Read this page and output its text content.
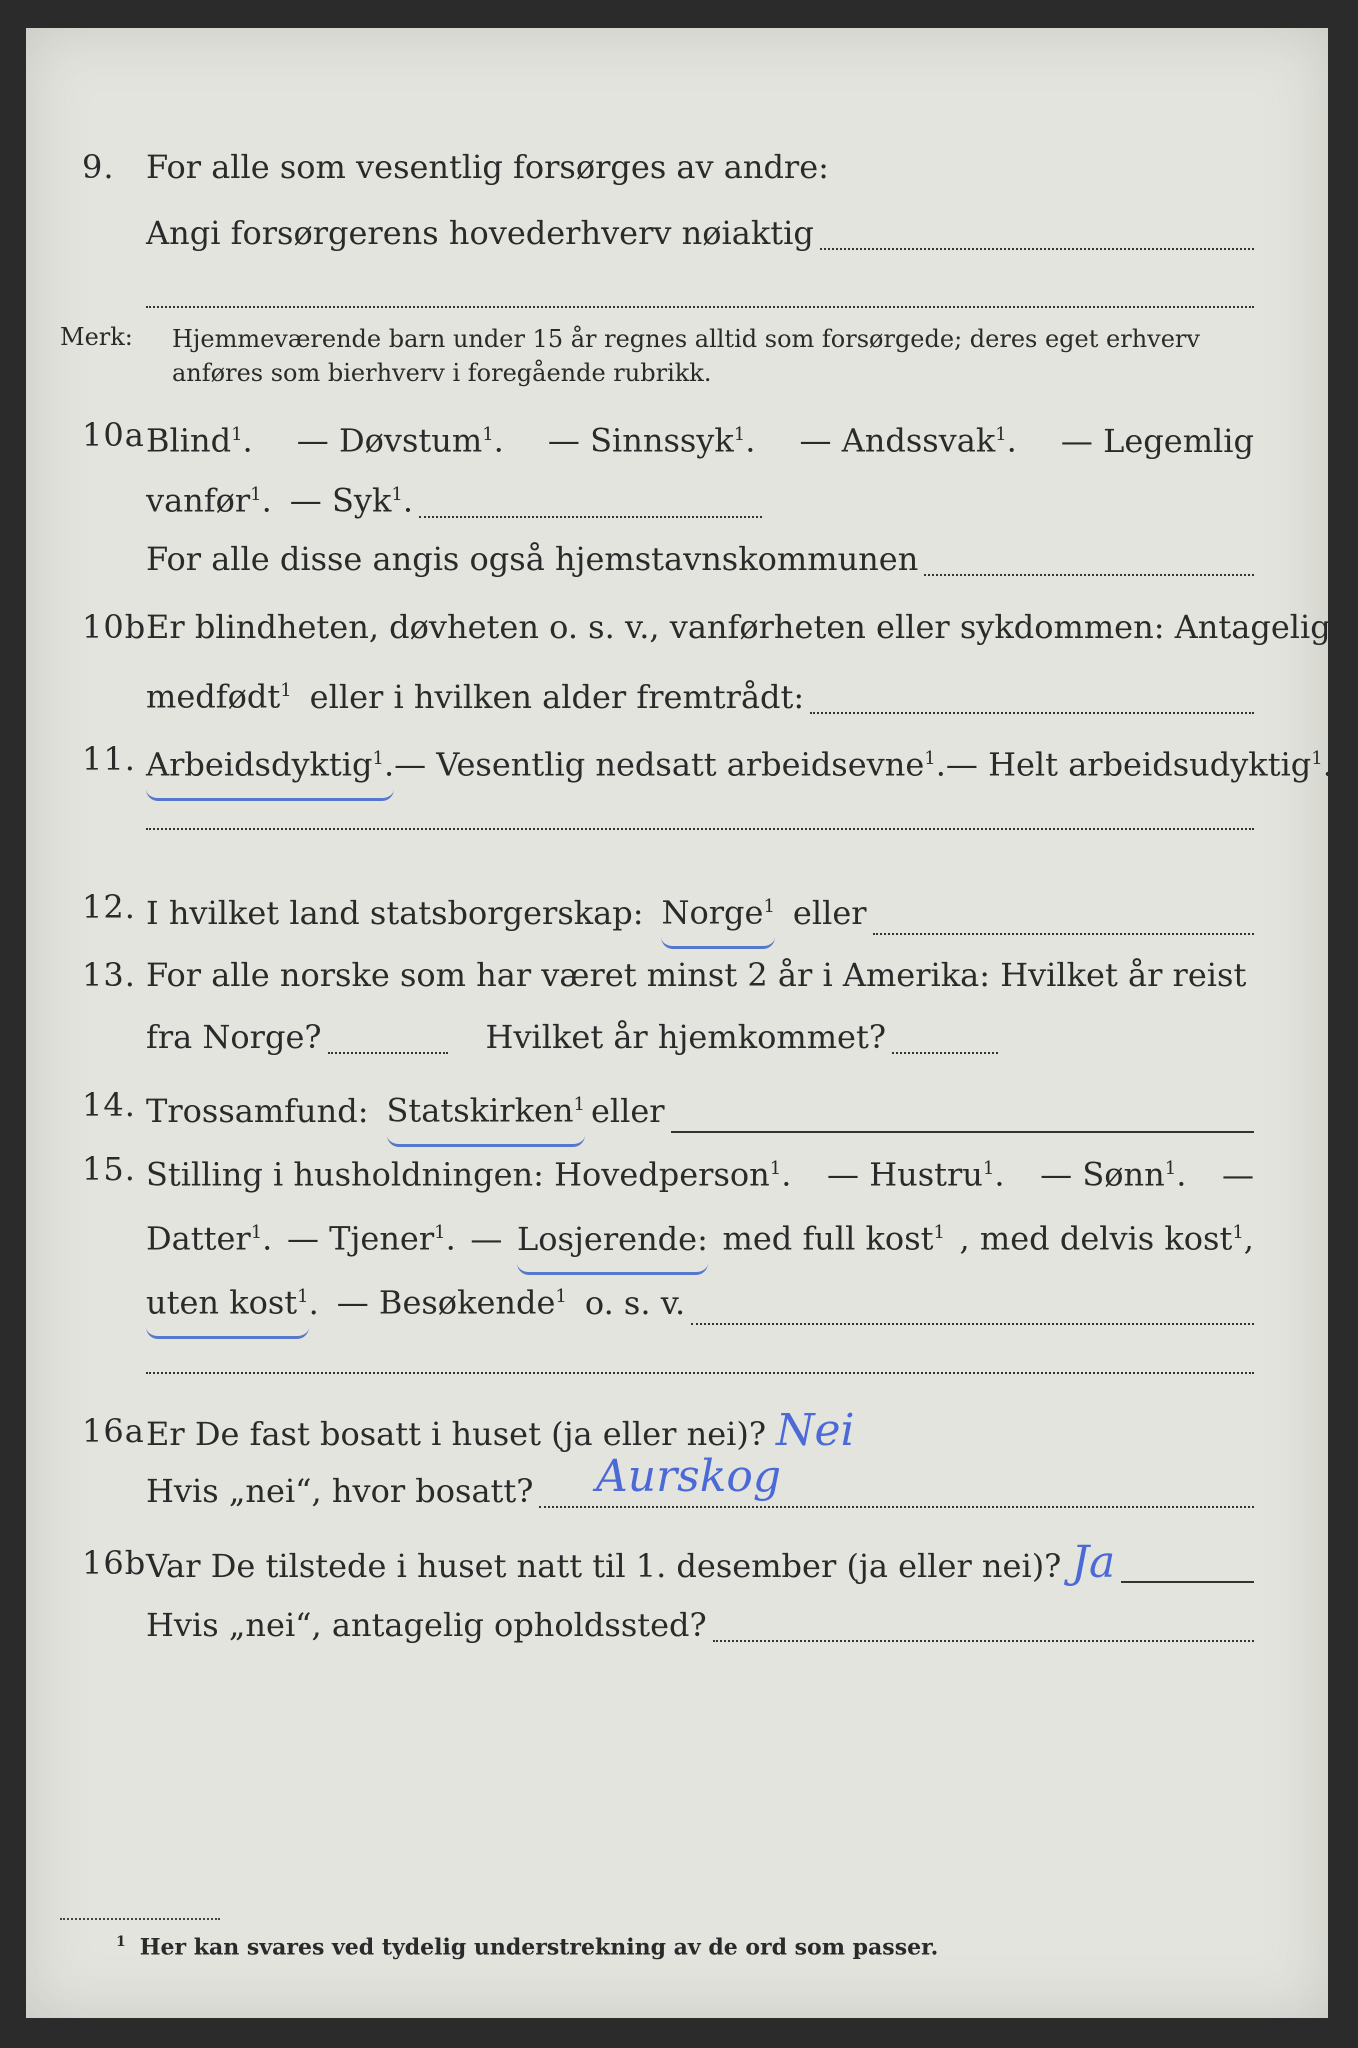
9. For alle som vesentlig forsørges av andre:
Angi forsørgerens hovederhverv nøiaktig
Merk: Hjemmeværende barn under 15 år regnes alltid som forsørgede; deres eget erhverv
anføres som bierhverv i foregående rubrikk.
10a Blind$^1$. — Døvstum$^1$. — Sinnssyk$^1$. — Andssvak$^1$. — Legemlig
vanfør$^1$. — Syk$^1$.
For alle disse angis også hjemstavnskommunen
10b Er blindheten, døvheten o. s. v., vanførheten eller sykdommen: Antagelig
medfødt$^1$ eller i hvilken alder fremtrådt:
11. Arbeidsdyktig$^1$. — Vesentlig nedsatt arbeidsevne$^1$. — Helt arbeidsudyktig$^1$.
12. I hvilket land statsborgerskap: Norge$^1$ eller
13. For alle norske som har været minst 2 år i Amerika: Hvilket år reist
fra Norge?	Hvilket år hjemkommet?
14. Trossamfund: Statskirken$^1$ eller
15. Stilling i husholdningen: Hovedperson$^1$. — Hustru$^1$. — Sønn$^1$. —
Datter$^1$. — Tjener$^1$. — Losjerende: med full kost$^1$ , med delvis kost$^1$,
uten kost$^1$ . — Besøkende$^1$ o. s. v.
16a Er De fast bosatt i huset (ja eller nei)? Nei
Hvis „nei“, hvor bosatt? Aurskog
16b Var De tilstede i huset natt til 1. desember (ja eller nei)? Ja
Hvis „nei“, antagelig opholdssted?
$^1$ Her kan svares ved tydelig understrekning av de ord som passer.
